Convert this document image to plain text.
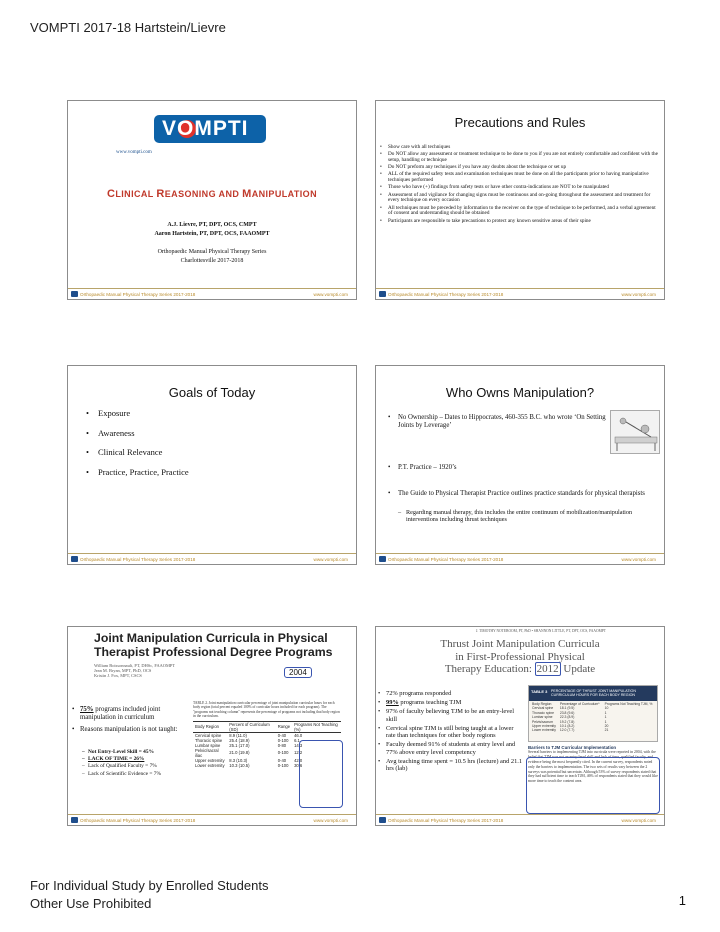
VOMPTI 2017-18 Hartstein/Lievre
VOMPTI
www.vompti.com
CLINICAL REASONING AND MANIPULATION
A.J. Lievre, PT, DPT, OCS, CMPT
Aaron Hartstein, PT, DPT, OCS, FAAOMPT
Orthopaedic Manual Physical Therapy Series
Charlottesville 2017-2018
Orthopaedic Manual Physical Therapy Series 2017-2018	www.vompti.com
Precautions and Rules
• Show care with all techniques
• Do NOT allow any assessment or treatment technique to be done to you if you are not entirely comfortable and confident with the setup, handling or technique
• Do NOT preform any techniques if you have any doubts about the technique or set up
• ALL of the required safety tests and examination techniques must be done on all the participants prior to having manipulative techniques performed
• Those who have (+) findings from safety tests or have other contra-indications are NOT to be manipulated
• Assessment of and vigilance for changing signs must be continuous and on-going throughout the assessment and treatment for every technique on every occasion
• All techniques must be preceded by information to the receiver on the type of technique to be performed, and a verbal agreement of consent and understanding should be obtained
• Participants are responsible to take precautions to protect any known sensitive areas of their spine
Orthopaedic Manual Physical Therapy Series 2017-2018	www.vompti.com
Goals of Today
• Exposure
• Awareness
• Clinical Relevance
• Practice, Practice, Practice
Orthopaedic Manual Physical Therapy Series 2017-2018	www.vompti.com
Who Owns Manipulation?
• No Ownership – Dates to Hippocrates, 460-355 B.C. who wrote ‘On Setting Joints by Leverage’
• P.T. Practice – 1920’s
• The Guide to Physical Therapist Practice outlines practice standards for physical therapists
– Regarding manual therapy, this includes the entire continuum of mobilization/manipulation interventions including thrust techniques
Orthopaedic Manual Physical Therapy Series 2017-2018	www.vompti.com
Joint Manipulation Curricula in Physical
Therapist Professional Degree Programs
William Boissonnault, PT, DHSc, FAAOMPT
Jean M. Bryan, MPT, PhD, OCS
Kristin J. Fox, MPT, CSCS	2004
• 75% programs included joint manipulation in curriculum
• Reasons manipulation is not taught:
– Not Entry-Level Skill = 45%
– LACK OF TIME = 26%
– Lack of Qualified Faculty = 7%
– Lack of Scientific Evidence = 7%
TABLE 2. Joint manipulation curricular percentage of joint manipulation curricular hours for each body region (total percent equaled 100% of curricular hours included for each program). The "programs not teaching column" represents the percentage of programs not including that body region in the curriculum.
Body Region	Percent of Curriculum (SD)	Range	Programs Not Teaching (%)
Cervical spine	8.9 (11.0)	0-40	46.0
Thoracic spine	25.4 (18.9)	0-100	6.1
Lumbar spine	25.1 (17.0)	0-80	14.3
Pelvic/sacral iliac	21.0 (19.8)	0-100	12.2
Upper extremity	8.3 (10.3)	0-40	42.0
Lower extremity	10.3 (10.5)	0-100	30.6
Orthopaedic Manual Physical Therapy Series 2017-2018	www.vompti.com
J. TIMOTHY NOTEBOOM, PT, PhD • SHANNON LITTLE, PT, DPT, OCS, FAAOMPT
Thrust Joint Manipulation Curricula
in First-Professional Physical
Therapy Education: 2012 Update
• 72% programs responded
• 99% programs teaching TJM
• 97% of faculty believing TJM to be an entry-level skill
• Cervical spine TJM is still being taught at a lower rate than techniques for other body regions
• Faculty deemed 91% of students at entry level and 77% above entry level competency
• Avg teaching time spent = 10.5 hrs (lecture) and 21.1 hrs (lab)
TABLE 3 PERCENTAGE OF THRUST JOINT MANIPULATION CURRICULUM HOURS FOR EACH BODY REGION
Body Region	Percentage of Curriculum*	Programs Not Teaching TJM, %
Cervical spine	18.1 (9.5)	10
Thoracic spine	23.8 (9.6)	1
Lumbar spine	22.3 (8.9)	1
Pelvis/sacrum	19.2 (7.8)	1
Upper extremity	10.1 (8.2)	20
Lower extremity	12.0 (7.7)	21
Barriers to TJM Curricular Implementation
Several barriers to implementing TJM into curricula were reported in 2004, with the belief that TJM was not an entry-level skill and lack of time, qualified faculty, and evidence being the most frequently cited. In the current survey, respondents noted only the barriers to implementation. The two sets of results vary between the 2 surveys was potential but uncertain. Although 53% of survey respondents stated that they had sufficient time to teach TJM, 46% of respondents stated that they would like more time to teach the content area.
Orthopaedic Manual Physical Therapy Series 2017-2018	www.vompti.com
For Individual Study by Enrolled Students
Other Use Prohibited	1
